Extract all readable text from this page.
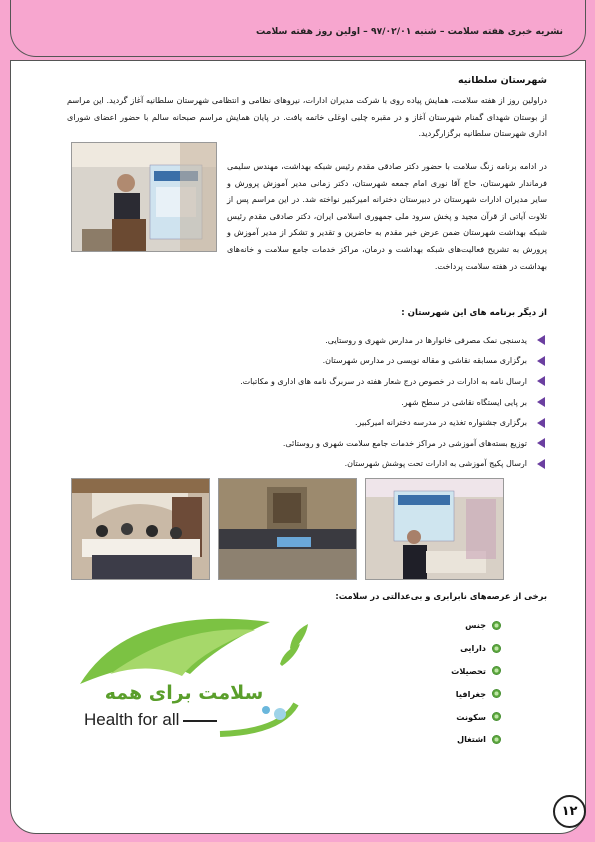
نشریه خبری هفته سلامت – شنبه ۹۷/۰۲/۰۱ – اولین روز هفته سلامت
شهرستان سلطانیه
دراولین روز از هفته سلامت، همایش پیاده روی با شرکت مدیران ادارات، نیروهای نظامی و انتظامی شهرستان سلطانیه آغاز گردید. این مراسم از بوستان شهدای گمنام شهرستان آغاز و در مقبره چلبی اوغلی خاتمه یافت. در پایان همایش مراسم صبحانه سالم با حضور اعضای شورای اداری شهرستان سلطانیه برگزارگردید.
در ادامه برنامه زنگ سلامت با حضور دکتر صادقی مقدم رئیس شبکه بهداشت، مهندس سلیمی فرماندار شهرستان، حاج آقا نوری امام جمعه شهرستان، دکتر زمانی مدیر آموزش پرورش و سایر مدیران ادارات شهرستان در دبیرستان دخترانه امیرکبیر نواخته شد. در این مراسم پس از تلاوت آیاتی از قرآن مجید و پخش سرود ملی جمهوری اسلامی ایران، دکتر صادقی مقدم رئیس شبکه بهداشت شهرستان ضمن عرض خیر مقدم به حاضرین و تقدیر و تشکر از مدیر آموزش و پرورش به تشریح فعالیت‌های شبکه بهداشت و درمان، مراکز خدمات جامع سلامت و خانه‌های بهداشت در هفته سلامت پرداخت.
از دیگر برنامه های این شهرستان :
یدسنجی نمک مصرفی خانوارها در مدارس شهری و روستایی.
برگزاری مسابقه نقاشی و مقاله نویسی در مدارس شهرستان.
ارسال نامه به ادارات در خصوص درج شعار هفته در سربرگ نامه های اداری و مکاتبات.
بر پایی ایستگاه نقاشی در سطح شهر.
برگزاری جشنواره تغذیه در مدرسه دخترانه امیرکبیر.
توزیع بسته‌های آموزشی در مراکز خدمات جامع سلامت شهری و روستائی.
ارسال پکیج آموزشی به ادارات تحت پوشش شهرستان.
برخی از عرصه‌های نابرابری و بی‌عدالتی در سلامت:
جنس
دارایی
تحصیلات
جغرافیا
سکونت
اشتغال
سلامت برای همه
Health for all
۱۲
